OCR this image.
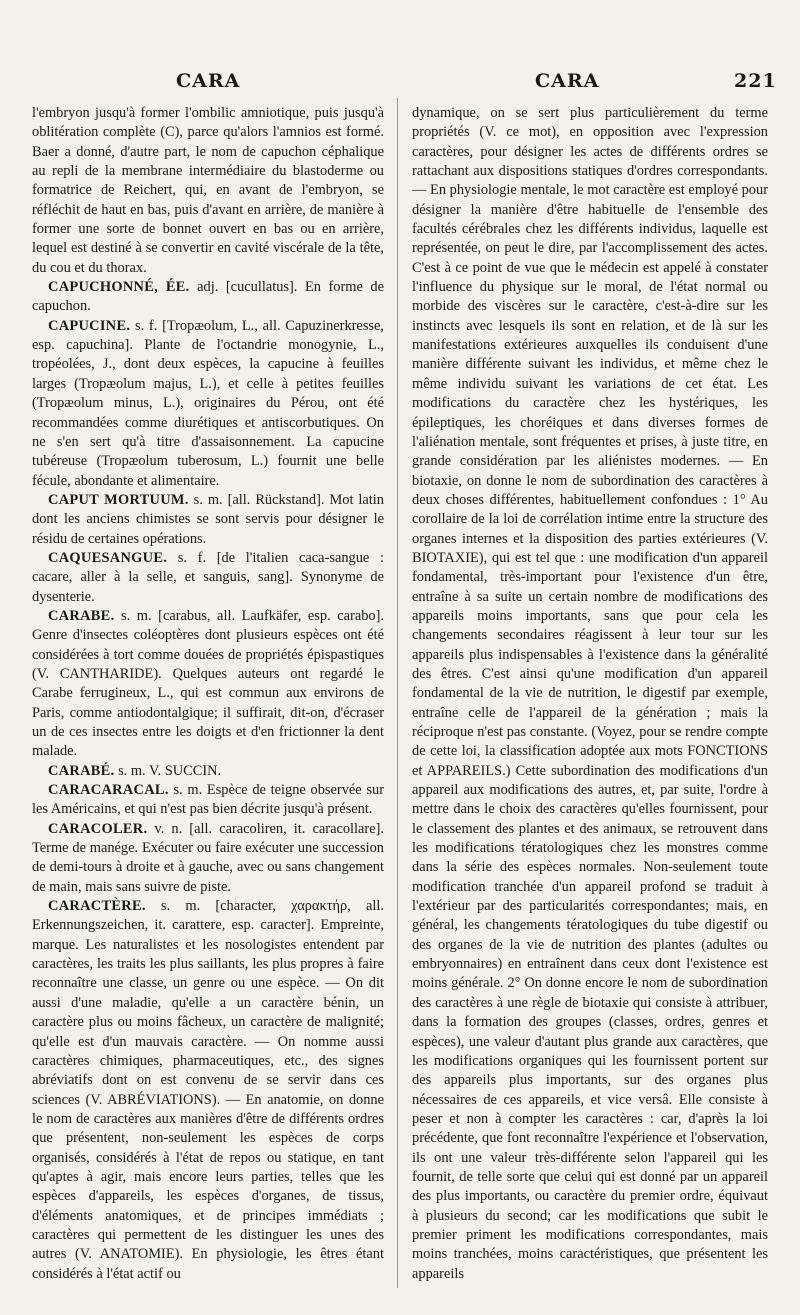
CARA	CARA	221

l'embryon jusqu'à former l'ombilic amniotique, puis jusqu'à oblitération complète (C), parce qu'alors l'amnios est formé. Baer a donné, d'autre part, le nom de capuchon céphalique au repli de la membrane intermédiaire du blastoderme ou formatrice de Reichert, qui, en avant de l'embryon, se réfléchit de haut en bas, puis d'avant en arrière, de manière à former une sorte de bonnet ouvert en bas ou en arrière, lequel est destiné à se convertir en cavité viscérale de la tête, du cou et du thorax.

CAPUCHONNÉ, ÉE. adj. [cucullatus]. En forme de capuchon.

CAPUCINE. s. f. [Tropæolum, L., all. Capuzinerkresse, esp. capuchina]. Plante de l'octandrie monogynie, L., tropéolées, J., dont deux espèces, la capucine à feuilles larges (Tropæolum majus, L.), et celle à petites feuilles (Tropæolum minus, L.), originaires du Pérou, ont été recommandées comme diurétiques et antiscorbutiques. On ne s'en sert qu'à titre d'assaisonnement. La capucine tubéreuse (Tropæolum tuberosum, L.) fournit une belle fécule, abondante et alimentaire.

CAPUT MORTUUM. s. m. [all. Rückstand]. Mot latin dont les anciens chimistes se sont servis pour désigner le résidu de certaines opérations.

CAQUESANGUE. s. f. [de l'italien caca-sangue : cacare, aller à la selle, et sanguis, sang]. Synonyme de dysenterie.

CARABE. s. m. [carabus, all. Laufkäfer, esp. carabo]. Genre d'insectes coléoptères dont plusieurs espèces ont été considérées à tort comme douées de propriétés épispastiques (V. CANTHARIDE). Quelques auteurs ont regardé le Carabe ferrugineux, L., qui est commun aux environs de Paris, comme antiodontalgique; il suffirait, dit-on, d'écraser un de ces insectes entre les doigts et d'en frictionner la dent malade.

CARABÉ. s. m. V. SUCCIN.

CARACARACAL. s. m. Espèce de teigne observée sur les Américains, et qui n'est pas bien décrite jusqu'à présent.

CARACOLER. v. n. [all. caracoliren, it. caracollare]. Terme de manége. Exécuter ou faire exécuter une succession de demi-tours à droite et à gauche, avec ou sans changement de main, mais sans suivre de piste.

CARACTÈRE. s. m. [character, χαρακτήρ, all. Erkennungszeichen, it. carattere, esp. caracter]. Empreinte, marque. Les naturalistes et les nosologistes entendent par caractères, les traits les plus saillants, les plus propres à faire reconnaître une classe, un genre ou une espèce. — On dit aussi d'une maladie, qu'elle a un caractère bénin, un caractère plus ou moins fâcheux, un caractère de malignité; qu'elle est d'un mauvais caractère. — On nomme aussi caractères chimiques, pharmaceutiques, etc., des signes abréviatifs dont on est convenu de se servir dans ces sciences (V. ABRÉVIATIONS). — En anatomie, on donne le nom de caractères aux manières d'être de différents ordres que présentent, non-seulement les espèces de corps organisés, considérés à l'état de repos ou statique, en tant qu'aptes à agir, mais encore leurs parties, telles que les espèces d'appareils, les espèces d'organes, de tissus, d'éléments anatomiques, et de principes immédiats ; caractères qui permettent de les distinguer les unes des autres (V. ANATOMIE). En physiologie, les êtres étant considérés à l'état actif ou

dynamique, on se sert plus particulièrement du terme propriétés (V. ce mot), en opposition avec l'expression caractères, pour désigner les actes de différents ordres se rattachant aux dispositions statiques d'ordres correspondants. — En physiologie mentale, le mot caractère est employé pour désigner la manière d'être habituelle de l'ensemble des facultés cérébrales chez les différents individus, laquelle est représentée, on peut le dire, par l'accomplissement des actes. C'est à ce point de vue que le médecin est appelé à constater l'influence du physique sur le moral, de l'état normal ou morbide des viscères sur le caractère, c'est-à-dire sur les instincts avec lesquels ils sont en relation, et de là sur les manifestations extérieures auxquelles ils conduisent d'une manière différente suivant les individus, et même chez le même individu suivant les variations de cet état. Les modifications du caractère chez les hystériques, les épileptiques, les choréiques et dans diverses formes de l'aliénation mentale, sont fréquentes et prises, à juste titre, en grande considération par les aliénistes modernes. — En biotaxie, on donne le nom de subordination des caractères à deux choses différentes, habituellement confondues : 1° Au corollaire de la loi de corrélation intime entre la structure des organes internes et la disposition des parties extérieures (V. BIOTAXIE), qui est tel que : une modification d'un appareil fondamental, très-important pour l'existence d'un être, entraîne à sa suite un certain nombre de modifications des appareils moins importants, sans que pour cela les changements secondaires réagissent à leur tour sur les appareils plus indispensables à l'existence dans la généralité des êtres. C'est ainsi qu'une modification d'un appareil fondamental de la vie de nutrition, le digestif par exemple, entraîne celle de l'appareil de la génération ; mais la réciproque n'est pas constante. (Voyez, pour se rendre compte de cette loi, la classification adoptée aux mots FONCTIONS et APPAREILS.) Cette subordination des modifications d'un appareil aux modifications des autres, et, par suite, l'ordre à mettre dans le choix des caractères qu'elles fournissent, pour le classement des plantes et des animaux, se retrouvent dans les modifications tératologiques chez les monstres comme dans la série des espèces normales. Non-seulement toute modification tranchée d'un appareil profond se traduit à l'extérieur par des particularités correspondantes; mais, en général, les changements tératologiques du tube digestif ou des organes de la vie de nutrition des plantes (adultes ou embryonnaires) en entraînent dans ceux dont l'existence est moins générale. 2° On donne encore le nom de subordination des caractères à une règle de biotaxie qui consiste à attribuer, dans la formation des groupes (classes, ordres, genres et espèces), une valeur d'autant plus grande aux caractères, que les modifications organiques qui les fournissent portent sur des appareils plus importants, sur des organes plus nécessaires de ces appareils, et vice versâ. Elle consiste à peser et non à compter les caractères : car, d'après la loi précédente, que font reconnaître l'expérience et l'observation, ils ont une valeur très-différente selon l'appareil qui les fournit, de telle sorte que celui qui est donné par un appareil des plus importants, ou caractère du premier ordre, équivaut à plusieurs du second; car les modifications que subit le premier priment les modifications correspondantes, mais moins tranchées, moins caractéristiques, que présentent les appareils
